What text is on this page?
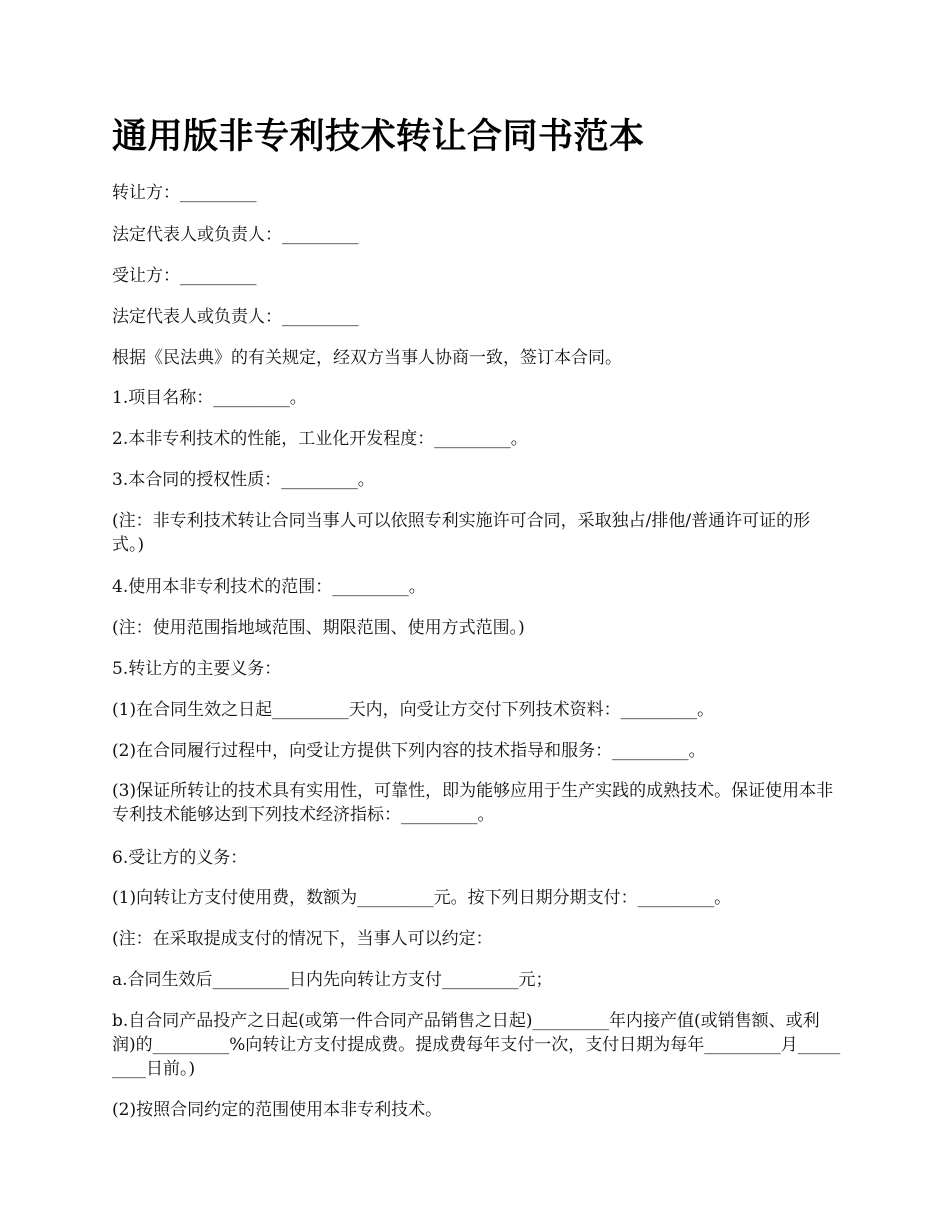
通用版非专利技术转让合同书范本

转让方：_________

法定代表人或负责人：_________

受让方：_________

法定代表人或负责人：_________

根据《民法典》的有关规定，经双方当事人协商一致，签订本合同。

1.项目名称：_________。

2.本非专利技术的性能，工业化开发程度：_________。

3.本合同的授权性质：_________。

(注：非专利技术转让合同当事人可以依照专利实施许可合同，采取独占/排他/普通许可证的形式。)

4.使用本非专利技术的范围：_________。

(注：使用范围指地域范围、期限范围、使用方式范围。)

5.转让方的主要义务：

(1)在合同生效之日起_________天内，向受让方交付下列技术资料：_________。

(2)在合同履行过程中，向受让方提供下列内容的技术指导和服务：_________。

(3)保证所转让的技术具有实用性，可靠性，即为能够应用于生产实践的成熟技术。保证使用本非专利技术能够达到下列技术经济指标：_________。

6.受让方的义务：

(1)向转让方支付使用费，数额为_________元。按下列日期分期支付：_________。

(注：在采取提成支付的情况下，当事人可以约定：

a.合同生效后_________日内先向转让方支付_________元；

b.自合同产品投产之日起(或第一件合同产品销售之日起)_________年内接产值(或销售额、或利润)的_________%向转让方支付提成费。提成费每年支付一次，支付日期为每年_________月_________日前。)

(2)按照合同约定的范围使用本非专利技术。
